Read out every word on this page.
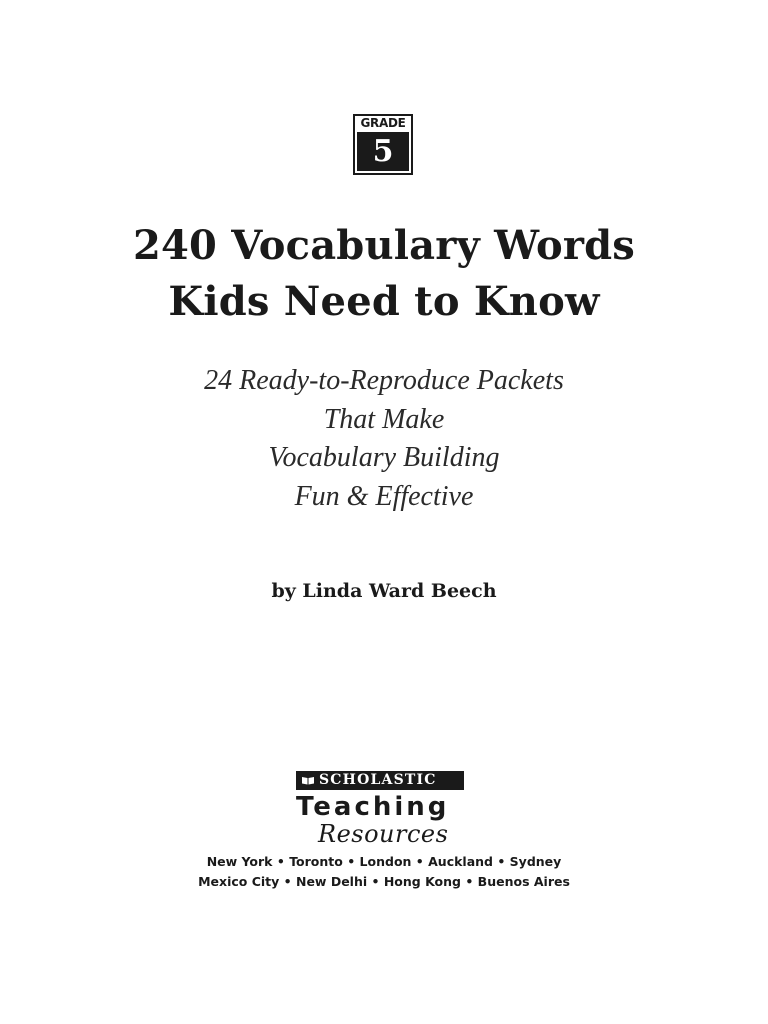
GRADE
5
240 Vocabulary Words
Kids Need to Know
24 Ready-to-Reproduce Packets
That Make
Vocabulary Building
Fun & Effective
by Linda Ward Beech
SCHOLASTIC
Teaching
Resources
New York • Toronto • London • Auckland • Sydney
Mexico City • New Delhi • Hong Kong • Buenos Aires
